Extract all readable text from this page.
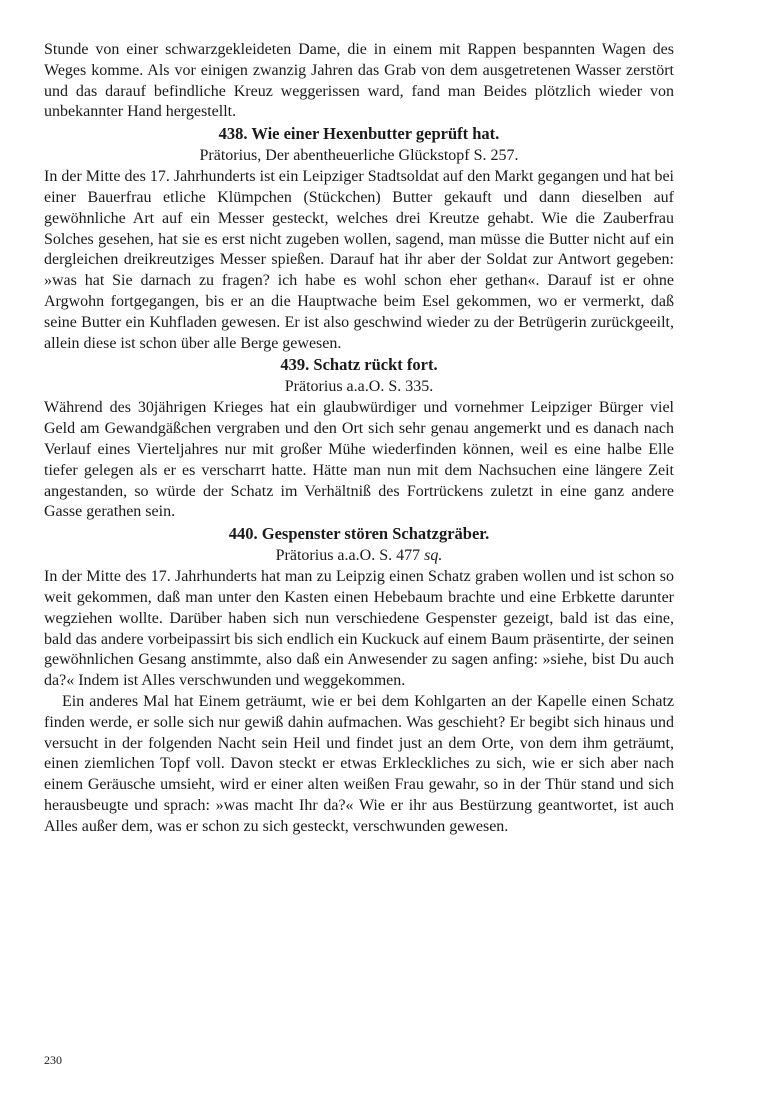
Stunde von einer schwarzgekleideten Dame, die in einem mit Rappen bespannten Wagen des Weges komme. Als vor einigen zwanzig Jahren das Grab von dem ausgetretenen Wasser zerstört und das darauf befindliche Kreuz weggerissen ward, fand man Beides plötzlich wieder von unbekannter Hand hergestellt.

438. Wie einer Hexenbutter geprüft hat.

Prätorius, Der abentheuerliche Glückstopf S. 257.

In der Mitte des 17. Jahrhunderts ist ein Leipziger Stadtsoldat auf den Markt gegangen und hat bei einer Bauerfrau etliche Klümpchen (Stückchen) Butter gekauft und dann dieselben auf gewöhnliche Art auf ein Messer gesteckt, welches drei Kreutze gehabt. Wie die Zauberfrau Solches gesehen, hat sie es erst nicht zugeben wollen, sagend, man müsse die Butter nicht auf ein dergleichen dreikreutziges Messer spießen. Darauf hat ihr aber der Soldat zur Antwort gegeben: »was hat Sie darnach zu fragen? ich habe es wohl schon eher gethan«. Darauf ist er ohne Argwohn fortgegangen, bis er an die Hauptwache beim Esel gekommen, wo er vermerkt, daß seine Butter ein Kuhfladen gewesen. Er ist also geschwind wieder zu der Betrügerin zurückgeeilt, allein diese ist schon über alle Berge gewesen.

439. Schatz rückt fort.

Prätorius a.a.O. S. 335.

Während des 30jährigen Krieges hat ein glaubwürdiger und vornehmer Leipziger Bürger viel Geld am Gewandgäßchen vergraben und den Ort sich sehr genau angemerkt und es danach nach Verlauf eines Vierteljahres nur mit großer Mühe wiederfinden können, weil es eine halbe Elle tiefer gelegen als er es verscharrt hatte. Hätte man nun mit dem Nachsuchen eine längere Zeit angestanden, so würde der Schatz im Verhältniß des Fortrückens zuletzt in eine ganz andere Gasse gerathen sein.

440. Gespenster stören Schatzgräber.

Prätorius a.a.O. S. 477 sq.

In der Mitte des 17. Jahrhunderts hat man zu Leipzig einen Schatz graben wollen und ist schon so weit gekommen, daß man unter den Kasten einen Hebebaum brachte und eine Erbkette darunter wegziehen wollte. Darüber haben sich nun verschiedene Gespenster gezeigt, bald ist das eine, bald das andere vorbeipassirt bis sich endlich ein Kuckuck auf einem Baum präsentirte, der seinen gewöhnlichen Gesang anstimmte, also daß ein Anwesender zu sagen anfing: »siehe, bist Du auch da?« Indem ist Alles verschwunden und weggekommen.

Ein anderes Mal hat Einem geträumt, wie er bei dem Kohlgarten an der Kapelle einen Schatz finden werde, er solle sich nur gewiß dahin aufmachen. Was geschieht? Er begibt sich hinaus und versucht in der folgenden Nacht sein Heil und findet just an dem Orte, von dem ihm geträumt, einen ziemlichen Topf voll. Davon steckt er etwas Erkleckliches zu sich, wie er sich aber nach einem Geräusche umsieht, wird er einer alten weißen Frau gewahr, so in der Thür stand und sich herausbeugte und sprach: »was macht Ihr da?« Wie er ihr aus Bestürzung geantwortet, ist auch Alles außer dem, was er schon zu sich gesteckt, verschwunden gewesen.

230
